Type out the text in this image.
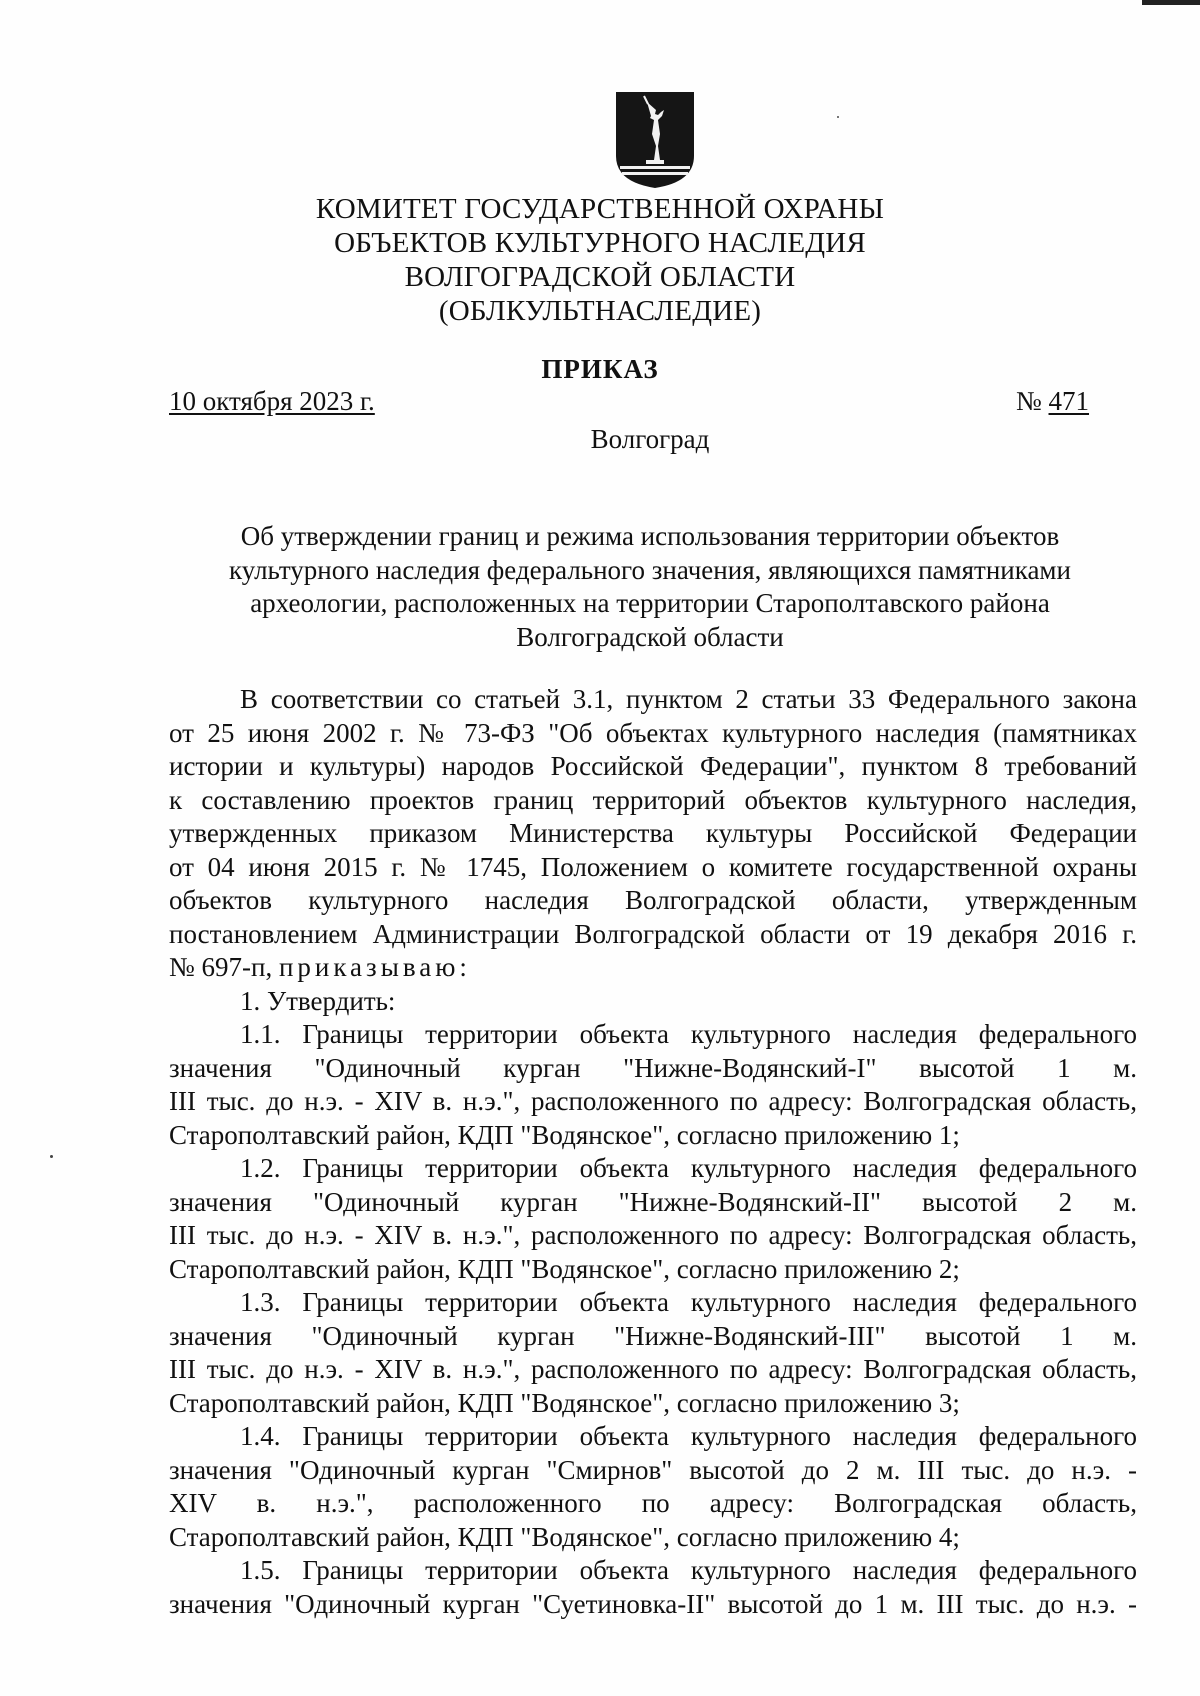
КОМИТЕТ ГОСУДАРСТВЕННОЙ ОХРАНЫ
ОБЪЕКТОВ КУЛЬТУРНОГО НАСЛЕДИЯ
ВОЛГОГРАДСКОЙ ОБЛАСТИ
(ОБЛКУЛЬТНАСЛЕДИЕ)
ПРИКАЗ
10 октября 2023 г.	№ 471
Волгоград
Об утверждении границ и режима использования территории объектов
культурного наследия федерального значения, являющихся памятниками
археологии, расположенных на территории Старополтавского района
Волгоградской области
В соответствии со статьей 3.1, пунктом 2 статьи 33 Федерального закона
от 25 июня 2002 г. № 73-ФЗ "Об объектах культурного наследия (памятниках
истории и культуры) народов Российской Федерации", пунктом 8 требований
к составлению проектов границ территорий объектов культурного наследия,
утвержденных приказом Министерства культуры Российской Федерации
от 04 июня 2015 г. № 1745, Положением о комитете государственной охраны
объектов культурного наследия Волгоградской области, утвержденным
постановлением Администрации Волгоградской области от 19 декабря 2016 г.
№ 697-п, приказываю:
1. Утвердить:
1.1. Границы территории объекта культурного наследия федерального
значения "Одиночный курган "Нижне-Водянский-I" высотой 1 м.
III тыс. до н.э. - XIV в. н.э.", расположенного по адресу: Волгоградская область,
Старополтавский район, КДП "Водянское", согласно приложению 1;
1.2. Границы территории объекта культурного наследия федерального
значения "Одиночный курган "Нижне-Водянский-II" высотой 2 м.
III тыс. до н.э. - XIV в. н.э.", расположенного по адресу: Волгоградская область,
Старополтавский район, КДП "Водянское", согласно приложению 2;
1.3. Границы территории объекта культурного наследия федерального
значения "Одиночный курган "Нижне-Водянский-III" высотой 1 м.
III тыс. до н.э. - XIV в. н.э.", расположенного по адресу: Волгоградская область,
Старополтавский район, КДП "Водянское", согласно приложению 3;
1.4. Границы территории объекта культурного наследия федерального
значения "Одиночный курган "Смирнов" высотой до 2 м. III тыс. до н.э. -
XIV в. н.э.", расположенного по адресу: Волгоградская область,
Старополтавский район, КДП "Водянское", согласно приложению 4;
1.5. Границы территории объекта культурного наследия федерального
значения "Одиночный курган "Суетиновка-II" высотой до 1 м. III тыс. до н.э. -
